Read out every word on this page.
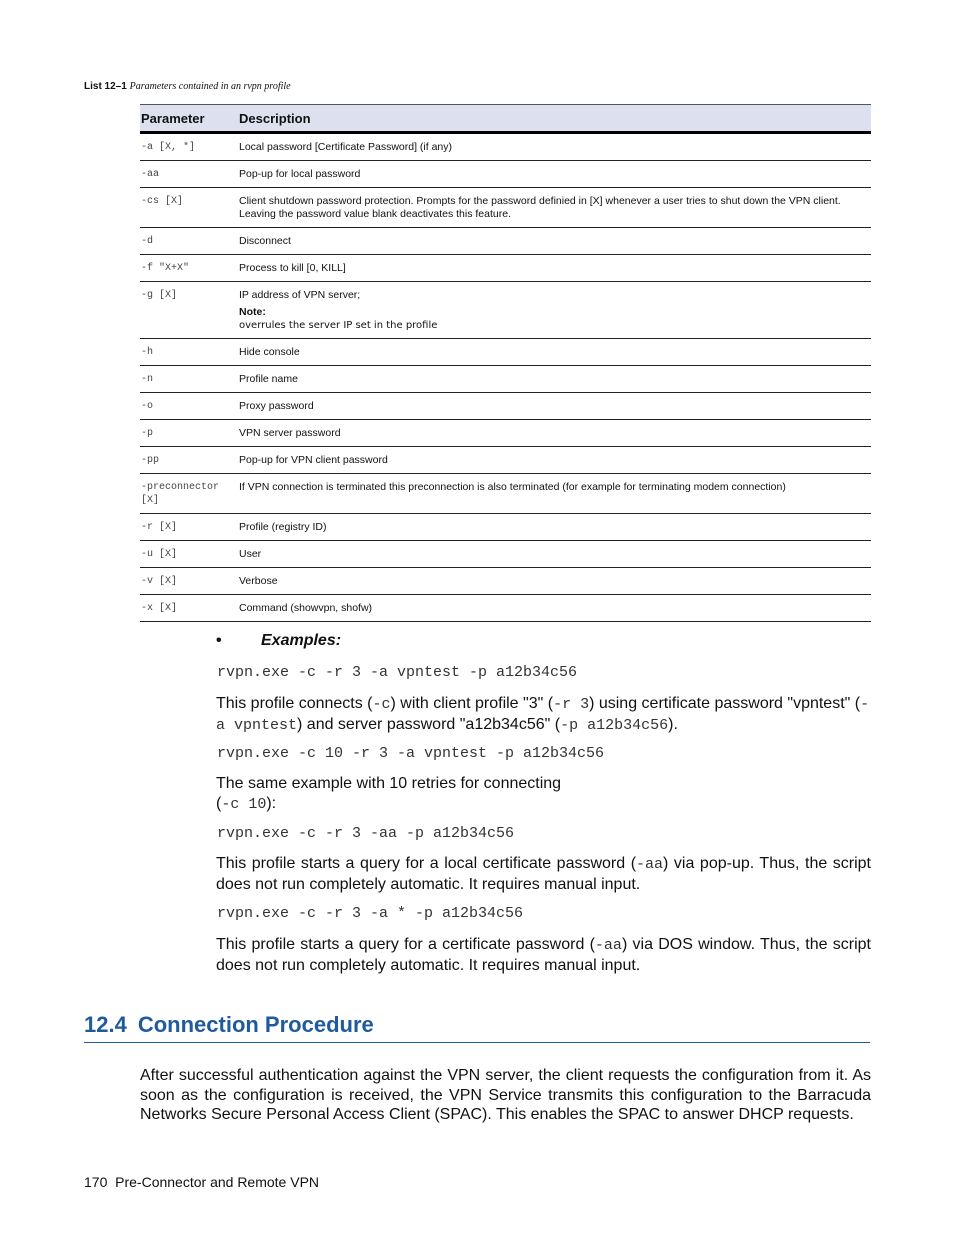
List 12–1 Parameters contained in an rvpn profile
Parameter	Description
-a [X, *]	Local password [Certificate Password] (if any)
-aa	Pop-up for local password
-cs [X]	Client shutdown password protection. Prompts for the password definied in [X] whenever a user tries to shut down the VPN client. Leaving the password value blank deactivates this feature.
-d	Disconnect
-f "X+X"	Process to kill [0, KILL]
-g [X]	IP address of VPN server;
Note:
overrules the server IP set in the profile

-h	Hide console
-n	Profile name
-o	Proxy password
-p	VPN server password
-pp	Pop-up for VPN client password
-preconnector [X]	If VPN connection is terminated this preconnection is also terminated (for example for terminating modem connection)
-r [X]	Profile (registry ID)
-u [X]	User
-v [X]	Verbose
-x [X]	Command (showvpn, shofw)
• Examples:
rvpn.exe -c -r 3 -a vpntest -p a12b34c56
This profile connects (-c) with client profile "3" (-r 3) using certificate password "vpntest" (-a vpntest) and server password "a12b34c56" (-p a12b34c56).
rvpn.exe -c 10 -r 3 -a vpntest -p a12b34c56
The same example with 10 retries for connecting
(-c 10):
rvpn.exe -c -r 3 -aa -p a12b34c56
This profile starts a query for a local certificate password (-aa) via pop-up. Thus, the script does not run completely automatic. It requires manual input.
rvpn.exe -c -r 3 -a * -p a12b34c56
This profile starts a query for a certificate password (-aa) via DOS window. Thus, the script does not run completely automatic. It requires manual input.
12.4 Connection Procedure
After successful authentication against the VPN server, the client requests the configuration from it. As soon as the configuration is received, the VPN Service transmits this configuration to the Barracuda Networks Secure Personal Access Client (SPAC). This enables the SPAC to answer DHCP requests.
170 Pre-Connector and Remote VPN
